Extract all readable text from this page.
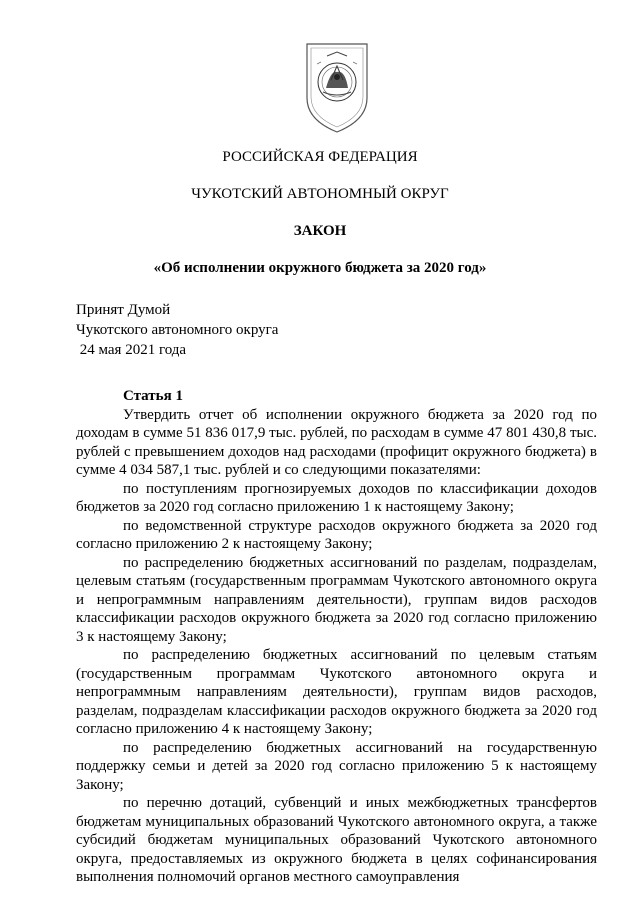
РОССИЙСКАЯ ФЕДЕРАЦИЯ
ЧУКОТСКИЙ АВТОНОМНЫЙ ОКРУГ
ЗАКОН
«Об исполнении окружного бюджета за 2020 год»
Принят Думой
Чукотского автономного округа
24 мая 2021 года
Статья 1

Утвердить отчет об исполнении окружного бюджета за 2020 год по доходам в сумме 51 836 017,9 тыс. рублей, по расходам в сумме 47 801 430,8 тыс. рублей с превышением доходов над расходами (профицит окружного бюджета) в сумме 4 034 587,1 тыс. рублей и со следующими показателями:

по поступлениям прогнозируемых доходов по классификации доходов бюджетов за 2020 год согласно приложению 1 к настоящему Закону;

по ведомственной структуре расходов окружного бюджета за 2020 год согласно приложению 2 к настоящему Закону;

по распределению бюджетных ассигнований по разделам, подразделам, целевым статьям (государственным программам Чукотского автономного округа и непрограммным направлениям деятельности), группам видов расходов классификации расходов окружного бюджета за 2020 год согласно приложению 3 к настоящему Закону;

по распределению бюджетных ассигнований по целевым статьям (государственным программам Чукотского автономного округа и непрограммным направлениям деятельности), группам видов расходов, разделам, подразделам классификации расходов окружного бюджета за 2020 год согласно приложению 4 к настоящему Закону;

по распределению бюджетных ассигнований на государственную поддержку семьи и детей за 2020 год согласно приложению 5 к настоящему Закону;

по перечню дотаций, субвенций и иных межбюджетных трансфертов бюджетам муниципальных образований Чукотского автономного округа, а также субсидий бюджетам муниципальных образований Чукотского автономного округа, предоставляемых из окружного бюджета в целях софинансирования выполнения полномочий органов местного самоуправления
